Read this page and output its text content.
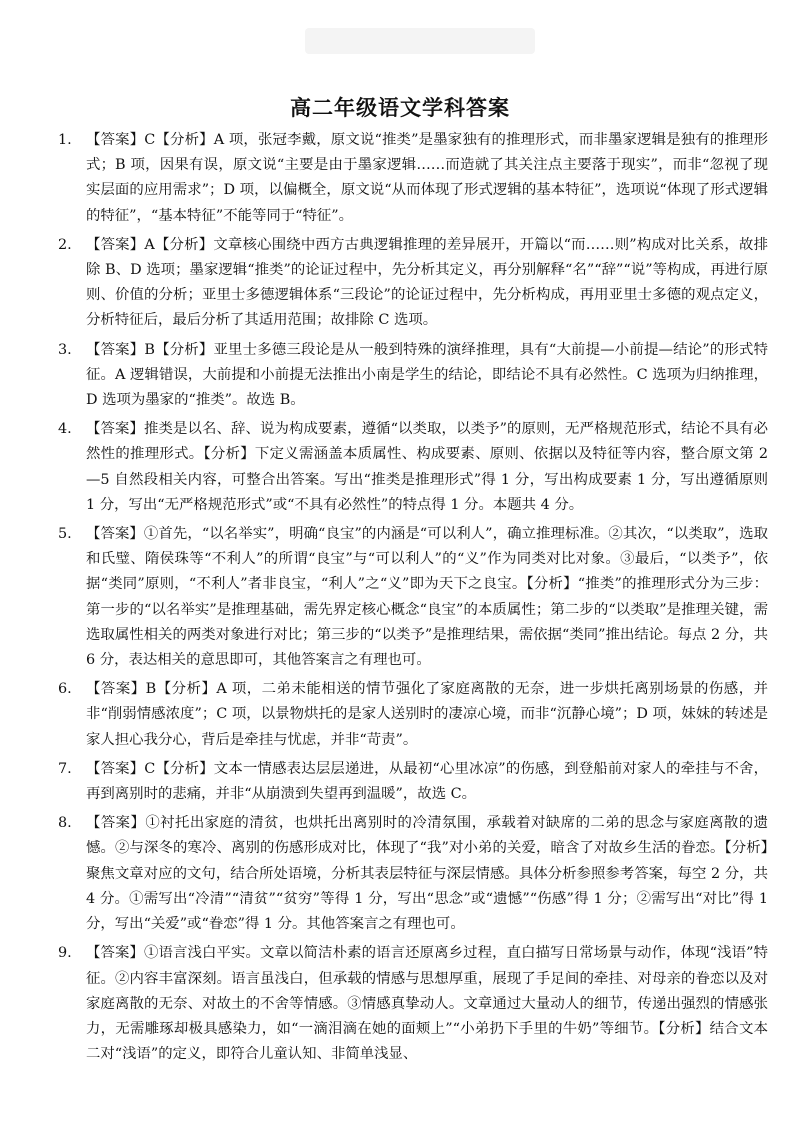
高二年级语文学科答案
1. 【答案】C【分析】A 项，张冠李戴，原文说“推类”是墨家独有的推理形式，而非墨家逻辑是独有的推理形式；B 项，因果有误，原文说“主要是由于墨家逻辑……而造就了其关注点主要落于现实”，而非“忽视了现实层面的应用需求”；D 项，以偏概全，原文说“从而体现了形式逻辑的基本特征”，选项说“体现了形式逻辑的特征”，“基本特征”不能等同于“特征”。
2. 【答案】A【分析】文章核心围绕中西方古典逻辑推理的差异展开，开篇以“而……则”构成对比关系，故排除 B、D 选项；墨家逻辑“推类”的论证过程中，先分析其定义，再分别解释“名”“辞”“说”等构成，再进行原则、价值的分析；亚里士多德逻辑体系“三段论”的论证过程中，先分析构成，再用亚里士多德的观点定义，分析特征后，最后分析了其适用范围；故排除 C 选项。
3. 【答案】B【分析】亚里士多德三段论是从一般到特殊的演绎推理，具有“大前提—小前提—结论”的形式特征。A 逻辑错误，大前提和小前提无法推出小南是学生的结论，即结论不具有必然性。C 选项为归纳推理，D 选项为墨家的“推类”。故选 B。
4. 【答案】推类是以名、辞、说为构成要素，遵循“以类取，以类予”的原则，无严格规范形式，结论不具有必然性的推理形式。【分析】下定义需涵盖本质属性、构成要素、原则、依据以及特征等内容，整合原文第 2—5 自然段相关内容，可整合出答案。写出“推类是推理形式”得 1 分，写出构成要素 1 分，写出遵循原则 1 分，写出“无严格规范形式”或“不具有必然性”的特点得 1 分。本题共 4 分。
5. 【答案】①首先，“以名举实”，明确“良宝”的内涵是“可以利人”，确立推理标准。②其次，“以类取”，选取和氏璧、隋侯珠等“不利人”的所谓“良宝”与“可以利人”的“义”作为同类对比对象。③最后，“以类予”，依据“类同”原则，“不利人”者非良宝，“利人”之“义”即为天下之良宝。【分析】“推类”的推理形式分为三步：第一步的“以名举实”是推理基础，需先界定核心概念“良宝”的本质属性；第二步的“以类取”是推理关键，需选取属性相关的两类对象进行对比；第三步的“以类予”是推理结果，需依据“类同”推出结论。每点 2 分，共 6 分，表达相关的意思即可，其他答案言之有理也可。
6. 【答案】B【分析】A 项，二弟未能相送的情节强化了家庭离散的无奈，进一步烘托离别场景的伤感，并非“削弱情感浓度”；C 项，以景物烘托的是家人送别时的凄凉心境，而非“沉静心境”；D 项，妹妹的转述是家人担心我分心，背后是牵挂与忧虑，并非“苛责”。
7. 【答案】C【分析】文本一情感表达层层递进，从最初“心里冰凉”的伤感，到登船前对家人的牵挂与不舍，再到离别时的悲痛，并非“从崩溃到失望再到温暖”，故选 C。
8. 【答案】①衬托出家庭的清贫，也烘托出离别时的冷清氛围，承载着对缺席的二弟的思念与家庭离散的遗憾。②与深冬的寒冷、离别的伤感形成对比，体现了“我”对小弟的关爱，暗含了对故乡生活的眷恋。【分析】聚焦文章对应的文句，结合所处语境，分析其表层特征与深层情感。具体分析参照参考答案，每空 2 分，共 4 分。①需写出“冷清”“清贫”“贫穷”等得 1 分，写出“思念”或“遗憾”“伤感”得 1 分；②需写出“对比”得 1 分，写出“关爱”或“眷恋”得 1 分。其他答案言之有理也可。
9. 【答案】①语言浅白平实。文章以简洁朴素的语言还原离乡过程，直白描写日常场景与动作，体现“浅语”特征。②内容丰富深刻。语言虽浅白，但承载的情感与思想厚重，展现了手足间的牵挂、对母亲的眷恋以及对家庭离散的无奈、对故土的不舍等情感。③情感真挚动人。文章通过大量动人的细节，传递出强烈的情感张力，无需雕琢却极具感染力，如“一滴泪滴在她的面颊上”“小弟扔下手里的牛奶”等细节。【分析】结合文本二对“浅语”的定义，即符合儿童认知、非简单浅显、
